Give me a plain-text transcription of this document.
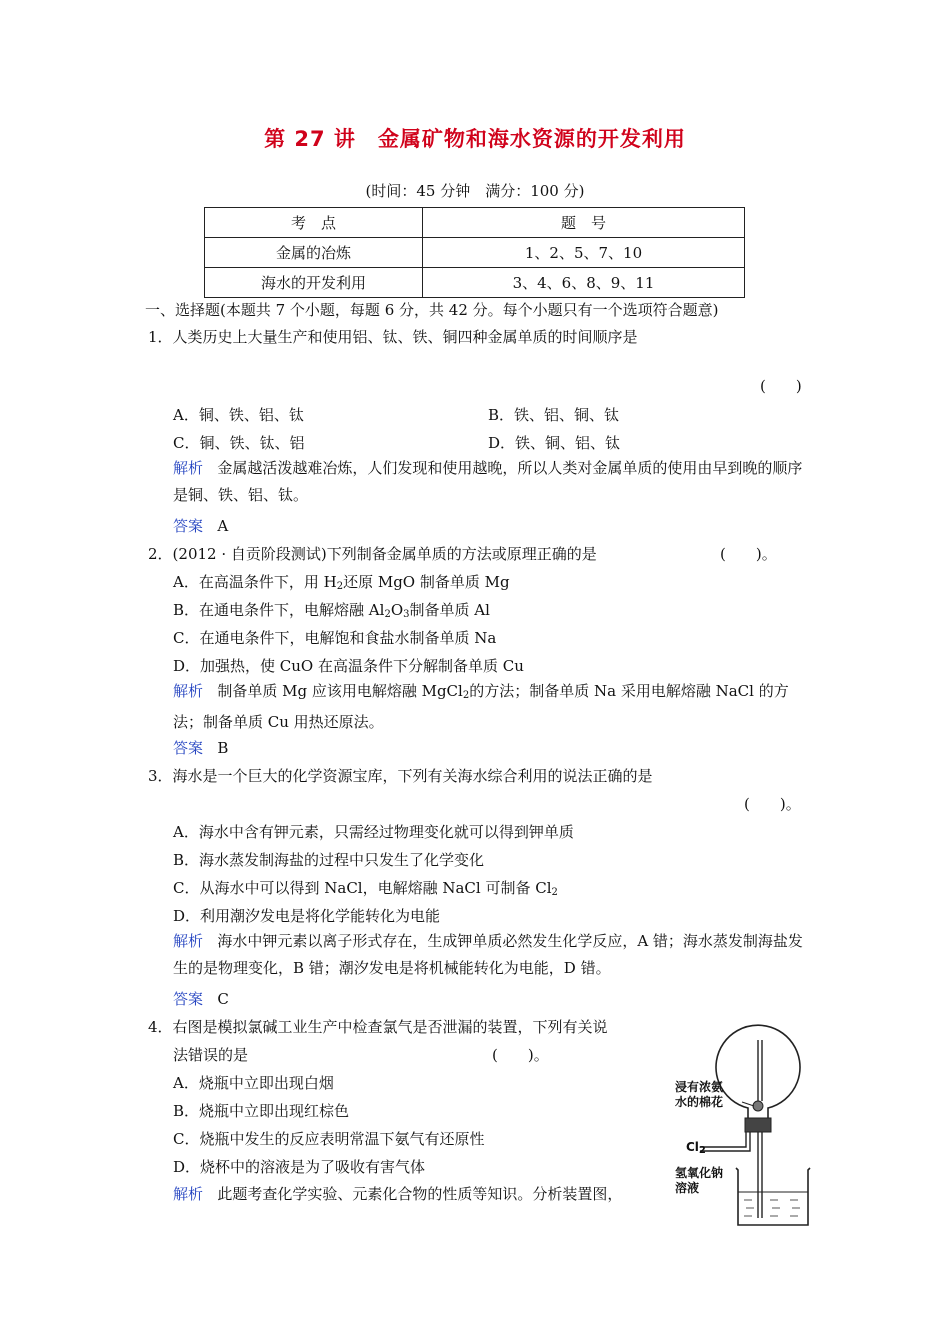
第 27 讲　金属矿物和海水资源的开发利用
(时间：45 分钟　满分：100 分)
考　点	题　号
金属的冶炼	1、2、5、7、10
海水的开发利用	3、4、6、8、9、11
一、选择题(本题共 7 个小题，每题 6 分，共 42 分。每个小题只有一个选项符合题意)
1．人类历史上大量生产和使用铝、钛、铁、铜四种金属单质的时间顺序是
(　　)
A．铜、铁、铝、钛	B．铁、铝、铜、钛
C．铜、铁、钛、铝	D．铁、铜、铝、钛
解析 金属越活泼越难冶炼，人们发现和使用越晚，所以人类对金属单质的使用由早到晚的顺序是铜、铁、铝、钛。
答案 A
2．(2012 · 自贡阶段测试)下列制备金属单质的方法或原理正确的是	(　　)。
A．在高温条件下，用 $H_2$还原 MgO 制备单质 Mg
B．在通电条件下，电解熔融 $Al_2O_3$制备单质 Al
C．在通电条件下，电解饱和食盐水制备单质 Na
D．加强热，使 CuO 在高温条件下分解制备单质 Cu
解析 制备单质 Mg 应该用电解熔融 MgCl$_2$的方法；制备单质 Na 采用电解熔融 NaCl 的方法；制备单质 Cu 用热还原法。
答案 B
3．海水是一个巨大的化学资源宝库，下列有关海水综合利用的说法正确的是
(　　)。
A．海水中含有钾元素，只需经过物理变化就可以得到钾单质
B．海水蒸发制海盐的过程中只发生了化学变化
C．从海水中可以得到 NaCl，电解熔融 NaCl 可制备 $Cl_2$
D．利用潮汐发电是将化学能转化为电能
解析 海水中钾元素以离子形式存在，生成钾单质必然发生化学反应，A 错；海水蒸发制海盐发生的是物理变化，B 错；潮汐发电是将机械能转化为电能，D 错。
答案 C
4．右图是模拟氯碱工业生产中检查氯气是否泄漏的装置，下列有关说
法错误的是	(　　)。
A．烧瓶中立即出现白烟
B．烧瓶中立即出现红棕色
C．烧瓶中发生的反应表明常温下氨气有还原性
D．烧杯中的溶液是为了吸收有害气体
解析 此题考查化学实验、元素化合物的性质等知识。分析装置图，
浸有浓氨
水的棉花
$Cl_2$
氢氧化钠
溶液
